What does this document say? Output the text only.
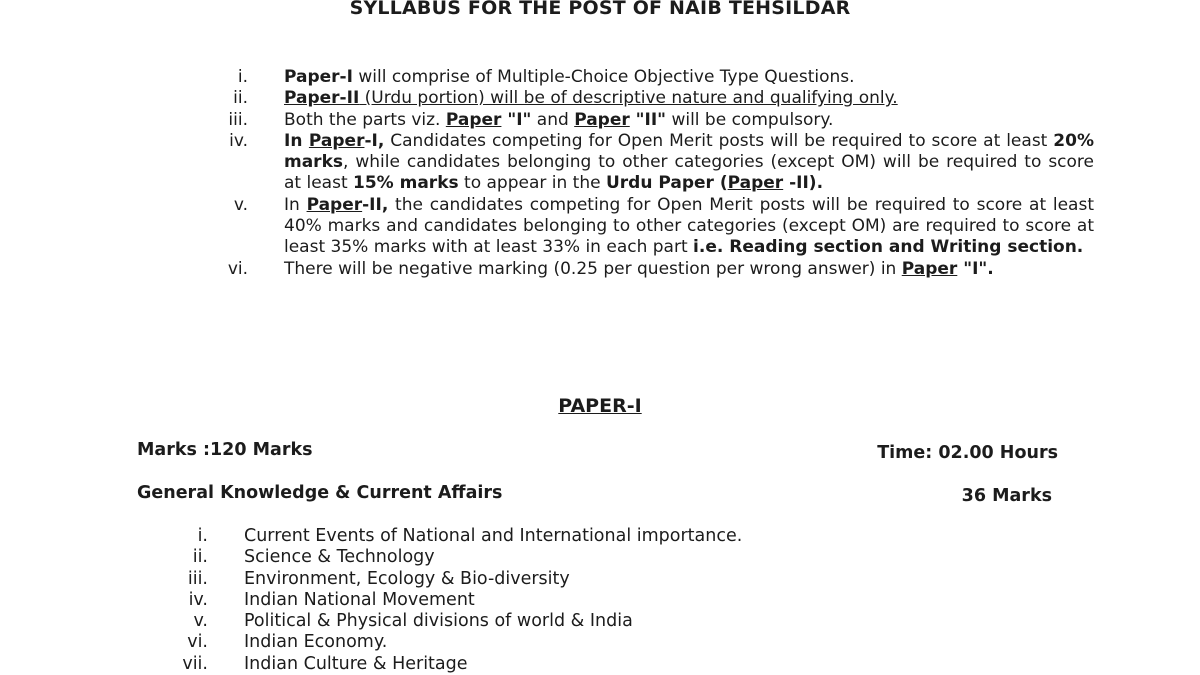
SYLLABUS FOR THE POST OF NAIB TEHSILDAR
i. Paper-I will comprise of Multiple-Choice Objective Type Questions.
ii. Paper-II (Urdu portion) will be of descriptive nature and qualifying only.
iii. Both the parts viz. Paper "I" and Paper "II" will be compulsory.
iv. In Paper-I, Candidates competing for Open Merit posts will be required to score at least 20% marks, while candidates belonging to other categories (except OM) will be required to score at least 15% marks to appear in the Urdu Paper (Paper -II).
v. In Paper-II, the candidates competing for Open Merit posts will be required to score at least 40% marks and candidates belonging to other categories (except OM) are required to score at least 35% marks with at least 33% in each part i.e. Reading section and Writing section.
vi. There will be negative marking (0.25 per question per wrong answer) in Paper "I".
PAPER-I
Marks :120 Marks	Time: 02.00 Hours
General Knowledge & Current Affairs	36 Marks
i. Current Events of National and International importance.
ii. Science & Technology
iii. Environment, Ecology & Bio-diversity
iv. Indian National Movement
v. Political & Physical divisions of world & India
vi. Indian Economy.
vii. Indian Culture & Heritage
